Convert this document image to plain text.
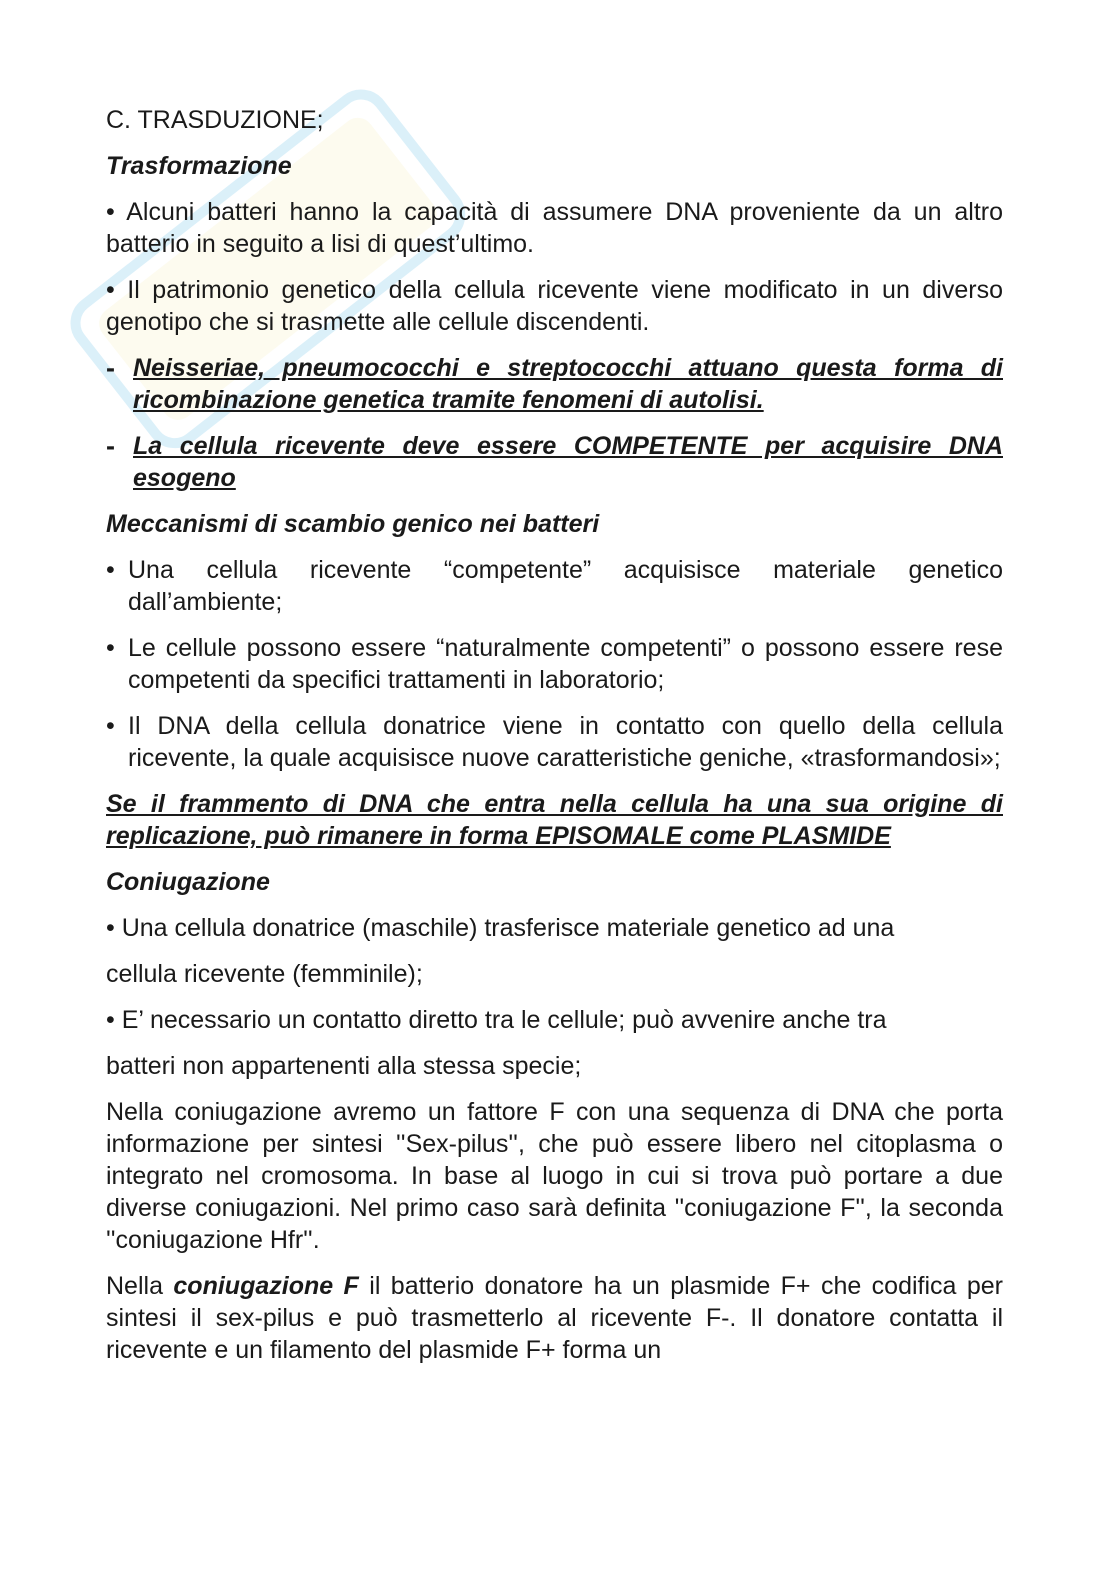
C. TRASDUZIONE;

Trasformazione

• Alcuni batteri hanno la capacità di assumere DNA proveniente da un altro batterio in seguito a lisi di quest’ultimo.

• Il patrimonio genetico della cellula ricevente viene modificato in un diverso genotipo che si trasmette alle cellule discendenti.

- Neisseriae, pneumococchi e streptococchi attuano questa forma di ricombinazione genetica tramite fenomeni di autolisi.
- La cellula ricevente deve essere COMPETENTE per acquisire DNA esogeno

Meccanismi di scambio genico nei batteri

• Una cellula ricevente “competente” acquisisce materiale genetico dall’ambiente;
• Le cellule possono essere “naturalmente competenti” o possono essere rese competenti da specifici trattamenti in laboratorio;
• Il DNA della cellula donatrice viene in contatto con quello della cellula ricevente, la quale acquisisce nuove caratteristiche geniche, «trasformandosi»;

Se il frammento di DNA che entra nella cellula ha una sua origine di replicazione, può rimanere in forma EPISOMALE come PLASMIDE

Coniugazione

• Una cellula donatrice (maschile) trasferisce materiale genetico ad una

cellula ricevente (femminile);

• E’ necessario un contatto diretto tra le cellule; può avvenire anche tra

batteri non appartenenti alla stessa specie;

Nella coniugazione avremo un fattore F con una sequenza di DNA che porta informazione per sintesi ''Sex-pilus'', che può essere libero nel citoplasma o integrato nel cromosoma. In base al luogo in cui si trova può portare a due diverse coniugazioni. Nel primo caso sarà definita ''coniugazione F'', la seconda ''coniugazione Hfr''.

Nella coniugazione F il batterio donatore ha un plasmide F+ che codifica per sintesi il sex-pilus e può trasmetterlo al ricevente F-. Il donatore contatta il ricevente e un filamento del plasmide F+ forma un
